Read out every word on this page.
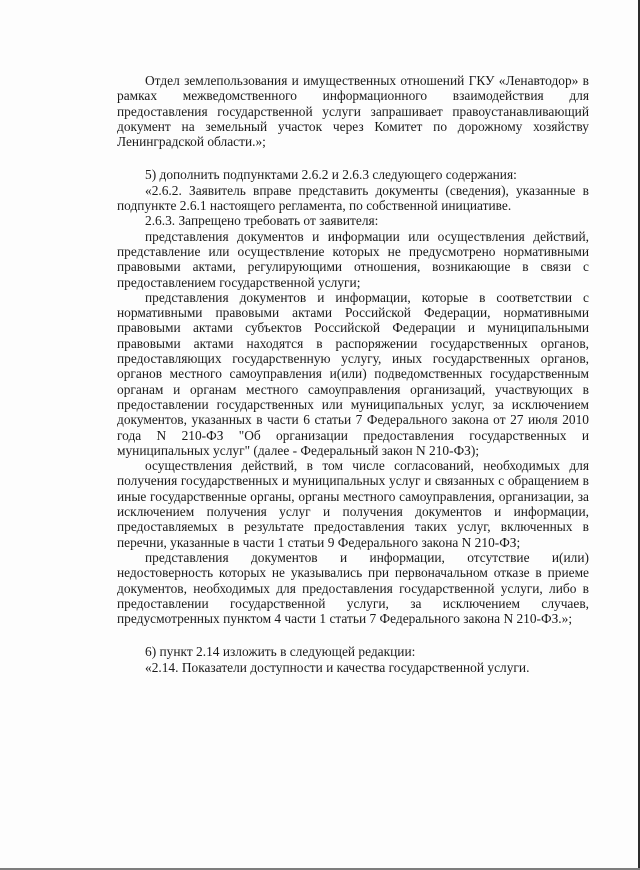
Отдел землепользования и имущественных отношений ГКУ «Ленавтодор» в рамках межведомственного информационного взаимодействия для предоставления государственной услуги запрашивает правоустанавливающий документ на земельный участок через Комитет по дорожному хозяйству Ленинградской области.»;

5) дополнить подпунктами 2.6.2 и 2.6.3 следующего содержания:

«2.6.2. Заявитель вправе представить документы (сведения), указанные в подпункте 2.6.1 настоящего регламента, по собственной инициативе.

2.6.3. Запрещено требовать от заявителя:

представления документов и информации или осуществления действий, представление или осуществление которых не предусмотрено нормативными правовыми актами, регулирующими отношения, возникающие в связи с предоставлением государственной услуги;

представления документов и информации, которые в соответствии с нормативными правовыми актами Российской Федерации, нормативными правовыми актами субъектов Российской Федерации и муниципальными правовыми актами находятся в распоряжении государственных органов, предоставляющих государственную услугу, иных государственных органов, органов местного самоуправления и(или) подведомственных государственным органам и органам местного самоуправления организаций, участвующих в предоставлении государственных или муниципальных услуг, за исключением документов, указанных в части 6 статьи 7 Федерального закона от 27 июля 2010 года N 210-ФЗ "Об организации предоставления государственных и муниципальных услуг" (далее - Федеральный закон N 210-ФЗ);

осуществления действий, в том числе согласований, необходимых для получения государственных и муниципальных услуг и связанных с обращением в иные государственные органы, органы местного самоуправления, организации, за исключением получения услуг и получения документов и информации, предоставляемых в результате предоставления таких услуг, включенных в перечни, указанные в части 1 статьи 9 Федерального закона N 210-ФЗ;

представления документов и информации, отсутствие и(или) недостоверность которых не указывались при первоначальном отказе в приеме документов, необходимых для предоставления государственной услуги, либо в предоставлении государственной услуги, за исключением случаев, предусмотренных пунктом 4 части 1 статьи 7 Федерального закона N 210-ФЗ.»;

6) пункт 2.14 изложить в следующей редакции:

«2.14. Показатели доступности и качества государственной услуги.
